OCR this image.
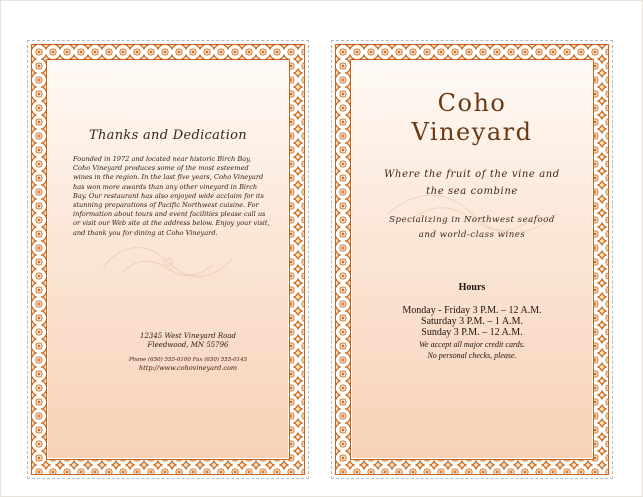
Thanks and Dedication
Founded in 1972 and located near historic Birch Bay, Coho Vineyard produces some of the most esteemed wines in the region. In the last five years, Coho Vineyard has won more awards than any other vineyard in Birch Bay. Our restaurant has also enjoyed wide acclaim for its stunning preparations of Pacific Northwest cuisine. For information about tours and event facilities please call us or visit our Web site at the address below. Enjoy your visit, and thank you for dining at Coho Vineyard.
12345 West Vineyard Road
Fleedwood, MN 55796
Phone (650) 555-0100 Fax (650) 555-0145
http://www.cohovineyard.com
Coho
Vineyard
Where the fruit of the vine and
the sea combine
Specializing in Northwest seafood
and world-class wines
Hours
Monday - Friday 3 P.M. – 12 A.M.
Saturday 3 P.M. – 1 A.M.
Sunday 3 P.M. – 12 A.M.
We accept all major credit cards.
No personal checks, please.
